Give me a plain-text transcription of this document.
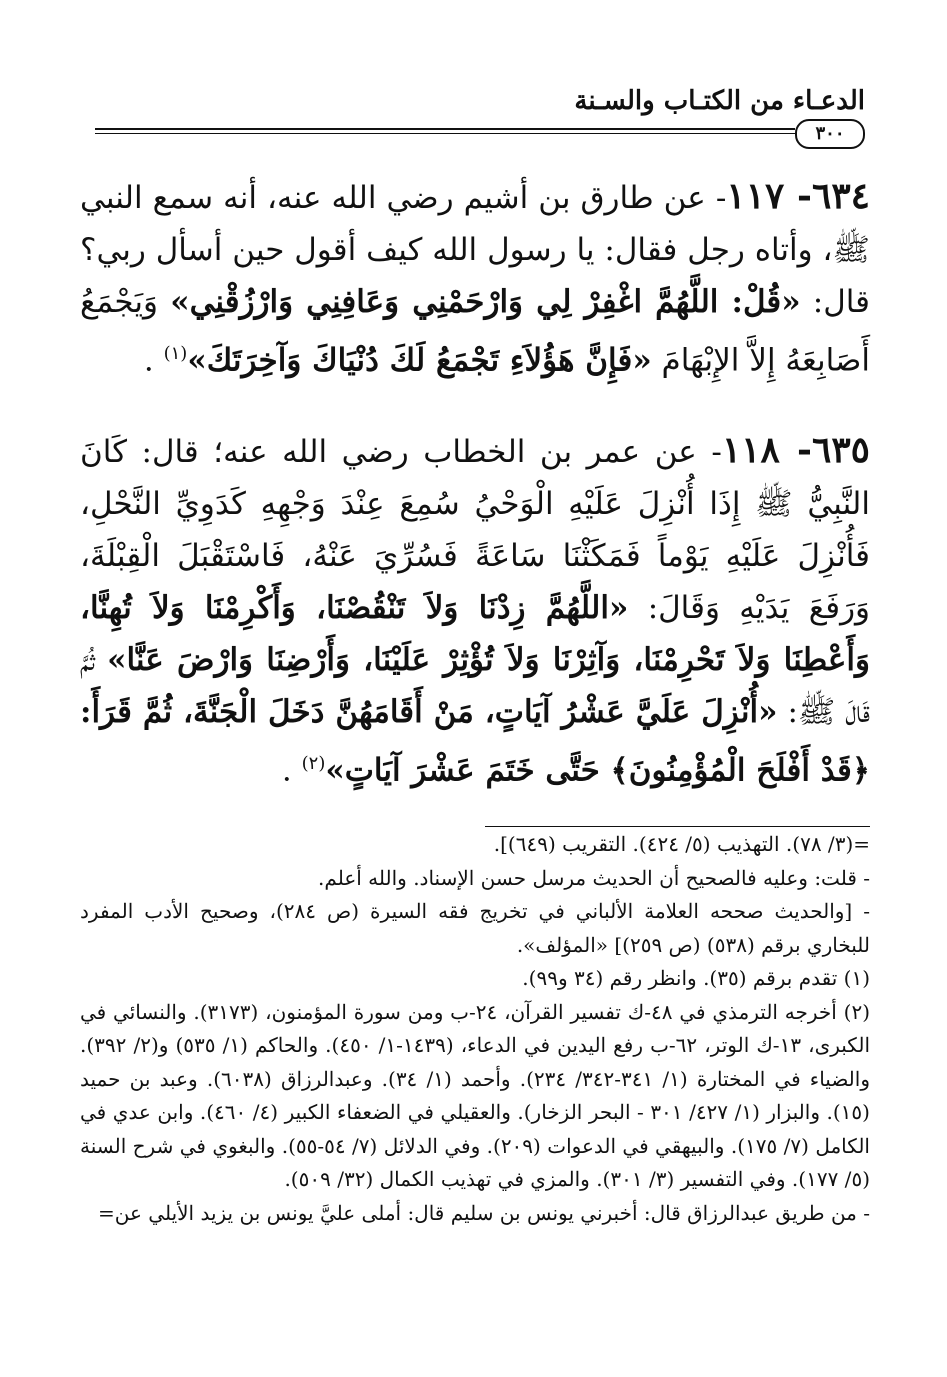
الدعـاء من الكتـاب والسـنة
٣٠٠

٦٣٤- ١١٧- عن طارق بن أشيم رضي الله عنه، أنه سمع النبي ﷺ، وأتاه رجل فقال: يا رسول الله كيف أقول حين أسأل ربي؟ قال: «قُلْ: اللَّهُمَّ اغْفِرْ لِي وَارْحَمْنِي وَعَافِنِي وَارْزُقْنِي» وَيَجْمَعُ أَصَابِعَهُ إِلاَّ الإِبْهَامَ «فَإِنَّ هَؤُلاَءِ تَجْمَعُ لَكَ دُنْيَاكَ وَآخِرَتَكَ»$^{(١)}$ .

٦٣٥- ١١٨- عن عمر بن الخطاب رضي الله عنه؛ قال: كَانَ النَّبِيُّ ﷺ إِذَا أُنْزِلَ عَلَيْهِ الْوَحْيُ سُمِعَ عِنْدَ وَجْهِهِ كَدَوِيِّ النَّحْلِ، فَأُنْزِلَ عَلَيْهِ يَوْماً فَمَكَثْنَا سَاعَةً فَسُرِّيَ عَنْهُ، فَاسْتَقْبَلَ الْقِبْلَةَ، وَرَفَعَ يَدَيْهِ وَقَالَ: «اللَّهُمَّ زِدْنَا وَلاَ تَنْقُصْنَا، وَأَكْرِمْنَا وَلاَ تُهِنَّا، وَأَعْطِنَا وَلاَ تَحْرِمْنَا، وَآثِرْنَا وَلاَ تُؤْثِرْ عَلَيْنَا، وَأَرْضِنَا وَارْضَ عَنَّا» ثُمَّ قَالَ ﷺ: «أُنْزِلَ عَلَيَّ عَشْرُ آيَاتٍ، مَنْ أَقَامَهُنَّ دَخَلَ الْجَنَّةَ، ثُمَّ قَرَأَ: ﴿قَدْ أَفْلَحَ الْمُؤْمِنُونَ﴾ حَتَّى خَتَمَ عَشْرَ آيَاتٍ»$^{(٢)}$ .

=(٣/ ٧٨). التهذيب (٥/ ٤٢٤). التقريب (٦٤٩)].

- قلت: وعليه فالصحيح أن الحديث مرسل حسن الإسناد. والله أعلم.

- [والحديث صححه العلامة الألباني في تخريج فقه السيرة (ص ٢٨٤)، وصحيح الأدب المفرد للبخاري برقم (٥٣٨) (ص ٢٥٩)] «المؤلف».

(١) تقدم برقم (٣٥). وانظر رقم (٣٤ و٩٩).

(٢) أخرجه الترمذي في ٤٨-ك تفسير القرآن، ٢٤-ب ومن سورة المؤمنون، (٣١٧٣). والنسائي في الكبرى، ١٣-ك الوتر، ٦٢-ب رفع اليدين في الدعاء، (١٤٣٩-١/ ٤٥٠). والحاكم (١/ ٥٣٥) و(٢/ ٣٩٢). والضياء في المختارة (١/ ٣٤١-٣٤٢/ ٢٣٤). وأحمد (١/ ٣٤). وعبدالرزاق (٦٠٣٨). وعبد بن حميد (١٥). والبزار (١/ ٤٢٧/ ٣٠١ - البحر الزخار). والعقيلي في الضعفاء الكبير (٤/ ٤٦٠). وابن عدي في الكامل (٧/ ١٧٥). والبيهقي في الدعوات (٢٠٩). وفي الدلائل (٧/ ٥٤-٥٥). والبغوي في شرح السنة (٥/ ١٧٧). وفي التفسير (٣/ ٣٠١). والمزي في تهذيب الكمال (٣٢/ ٥٠٩).

- من طريق عبدالرزاق قال: أخبرني يونس بن سليم قال: أملى عليَّ يونس بن يزيد الأيلي عن=
